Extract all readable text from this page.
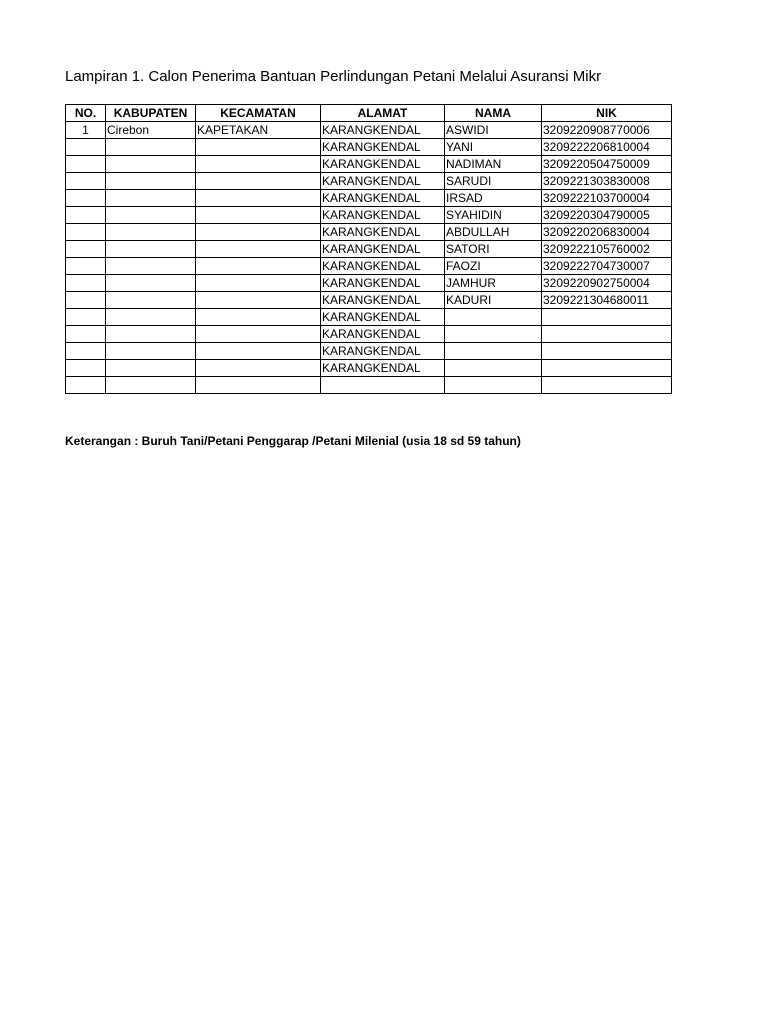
Lampiran 1. Calon Penerima Bantuan Perlindungan Petani Melalui Asuransi Mikr
NO.	KABUPATEN	KECAMATAN	ALAMAT	NAMA	NIK
1	Cirebon	KAPETAKAN	KARANGKENDAL	ASWIDI	3209220908770006
			KARANGKENDAL	YANI	3209222206810004
			KARANGKENDAL	NADIMAN	3209220504750009
			KARANGKENDAL	SARUDI	3209221303830008
			KARANGKENDAL	IRSAD	3209222103700004
			KARANGKENDAL	SYAHIDIN	3209220304790005
			KARANGKENDAL	ABDULLAH	3209220206830004
			KARANGKENDAL	SATORI	3209222105760002
			KARANGKENDAL	FAOZI	3209222704730007
			KARANGKENDAL	JAMHUR	3209220902750004
			KARANGKENDAL	KADURI	3209221304680011
			KARANGKENDAL		
			KARANGKENDAL		
			KARANGKENDAL		
			KARANGKENDAL		

Keterangan : Buruh Tani/Petani Penggarap /Petani Milenial (usia 18 sd 59 tahun)
